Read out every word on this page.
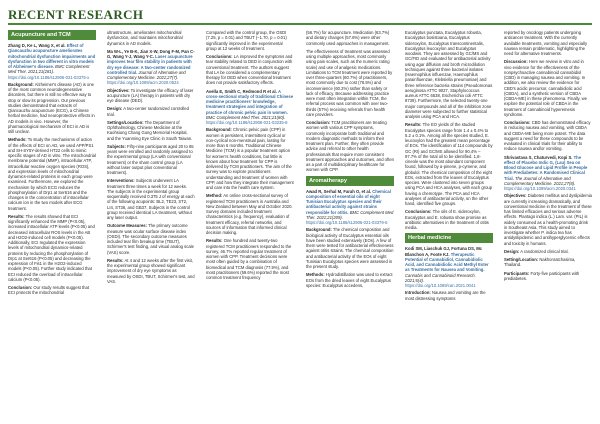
RECENT RESEARCH
Acupuncture and TCM
Zhang D, Ke L, Wang X, et al. Effect of Qiancauzhu acupuncture ameliorates mitochondrial dysfunction impairments and dysfunction in two different in vitro models of Alzheimer's disease. BMC Complement Med Ther. 2021;21(281). https://doi.org/10.1186/s12906-021-03375-x

Background: Alzheimer's disease (AD) is one of the most common neurodegenerative disorders, but there is still no effective way to stop or slow its progression. Our previous studies demonstrated that extracts of Qiancauzhu acupuncture (ECG), a Chinese herbal medicine, had neuroprotective effects in AD models in vivo. However, the pharmacological mechanism of ECI in AD is still unclear.

Methods: To study the mechanisms of action of the effects of ECI on AD, we used APP/PS1 and SH-SY5Y-derived HT22 cells to mimic specific stages of AD in vitro. The mitochondrial membrane potential (MMP), intracellular ATP, intracellular reactive oxygen species (ROS), and expression levels of mitochondrial dynamics-related proteins in each group were examined. Furthermore, we explored the mechanism by which ECG reduces the phosphorylation of Drp1 at Ser616 and the changes in the concentration of intracellular calcium ion in the two models after ECG treatment.

Results: The results showed that ECI significantly enhanced the MMP (P<0.05), increased intracellular ATP levels (P<0.05) and decreased intracellular ROS levels in the AB and H2O2-induced cell models (P<0.05). Additionally, ECI regulated the expression levels of mitochondrial dynamics-related proteins by reducing the phosphorylation of Drp1 at Ser616 (P<0.05) and decreasing the expression of Fis1 in the H2O2-induced models (P<0.05). Further study indicated that ECI reduced the overload of intracellular calcium (P<0.05).

Conclusion: Our study results suggest that ECI protects the mitochondrial

ultrastructure, ameliorates mitochondrial dysfunction, and maintains mitochondrial dynamics in AD models.

Ma W-L, Ye B-K, Jian X-W, Dong F-M, Pan C-G, Wang Y-J, Wang Y-C. Laser acupuncture improves tear film stability in patients with dry eye disease: A two-center randomized controlled trial. Journal of Alternative and Complementary Medicine. 2021;27(7). https://doi.org/10.1089/acm.2020.0524

Objectives: To investigate the efficacy of laser acupuncture (LA) therapy in patients with dry eye disease (DED).

Design: A two-center randomized controlled trial.

Settings/Location: The Department of Ophthalmology, Chinese Medicine at the Kaohsiung Chang Gung Memorial Hospital, and the Yuanming Eye Clinic in South Taiwan.

Subjects: Fifty-nine participants aged 20 to 65 years were enrolled and randomly assigned to the experimental group (LA with conventional treatment) or the sham control group (LA without laser output plus conventional treatment).

Interventions: Subjects underwent LA treatment three times a week for 12 weeks. The subjects in the experimental group sequentially received 0.375 J of energy at each of the following acupoints: BL2, TE23, ST2, LI4, ST36, and GB37. Subjects in the control group received identical LA treatment, without any laser output.

Outcome Measures: The primary outcome measure was ocular surface disease index (OSDI). The secondary outcome measures included tear film breakup time (TBUT), Schirmer's test finding, and visual analog scale (VAS) score.

Results: At 4 and 12 weeks after the first visit, the experimental group showed significant improvement of dry eye symptoms as measured by OSDI, TBUT, Schirmer's test, and VAS.

Compared with the control group, the OSDI (7.25, p = 0.01) and TBUT (−1.70, p = 0.01) significantly improved in the experimental group at 12 weeks of treatment.

Conclusions: LA improved the symptoms and tear stability related to DED in conjunction with conventional treatment. The authors suggest that LA be considered a complementary therapy for DED when conventional treatment does not provide satisfactory effects.

Avella E, Smith C, Redmond R et al. A cross-sectional study of traditional Chinese medicine practitioners' knowledge, treatment strategies and integration of practice of chronic pelvic pain in women. BMC Complement Med Ther. 2021;21(80). https://doi.org/10.1186/s12906-021-03235-8

Background: Chronic pelvic pain (CPP) in women is persistent, intermittent cyclical or non-cyclical non-menstrual pain, lasting for more than 6 months. Traditional Chinese Medicine (TCM) is a popular treatment option for women's health conditions, but little is known about how treatment for CPP is delivered by TCM practitioners. The aim of the survey was to explore practitioners understanding and treatment of women with CPP, and how they integrate their management and care into the health care system.

Method: An online cross-sectional survey of registered TCM practitioners in Australia and New Zealand between May and October 2020. Survey domains included treatment characteristics (e.g. frequency), evaluation of treatment efficacy, referral networks, and sources of information that informed clinical decision making.

Results: One hundred and twenty-two registered TCM practitioners responded to the survey, 46.7% reported regular treatment of women with CPP. Treatment decisions were most often guided by a combination of biomedical and TCM diagnosis (77.9%), and most practitioners (59.6%) reported the most common treatment frequency

(56.7%) for acupuncture. Medication (63.7%) and dietary changes (57.6%) were other commonly used approaches in management.

The effectiveness of treatment was assessed using multiple approaches, most commonly using pain scales, such as the numeric rating scale) and use of analgesic medications. Limitations to TCM treatment were reported by over three-quarters (60.7%) of practitioners, most commonly due to cost (76.5%) and inconvenience (60.2%) rather than safety or lack of efficacy. Because addressing practice were most often integration within TCM, the referral process was common with over two-thirds (57%) receiving referrals from health care providers.

Conclusion: TCM practitioners are treating women with various CPP symptoms, commonly incorporate both traditional and modern diagnostic methods to inform their treatment plan. Further, they often provide advice and referral to other health professionals that require more consistent treatment approaches and outcomes, and often as a part of multidisciplinary healthcare for women with CPP.

Aromatherapy
Awad R, Serhal M, Farah O, et al. Chemical composition of essential oils of eight Tunisian Eucalyptus species and their antibacterial activity against strains responsible for otitis. BMC Complement Med Ther. 2021;21(209). https://doi.org/10.1186/s12906-021-03379-5

Background: The chemical composition and biological activity of Eucalyptus essential oils have been studied extensively (EOs). A few of them were tested for antibacterial effectiveness against otitis strains. The chemical composition and antibacterial activity of the EOs of eight Tunisian Eucalyptus species were assessed in the present study.

Methods: Hydrodistillation was used to extract EOs from the dried leaves of eight Eucalyptus species: Eucalyptus accedens,

Eucalyptus punctata, Eucalyptus robusta, Eucalyptus bosistoana, Eucalyptus sideroxylon, Eucalyptus transcontinentalis, Eucalyptus leucoxylon and Eucalyptus woodwis. They are assessed by GC/MS and GC/FID and evaluated for antibacterial activity using agar diffusion and broth microdilution techniques against three bacterial isolates (Haemophilus influenzae, Haemophilus parainfluenzae, Klebsiella pneumoniae) and three reference bacteria strains (Pseudomonas aeruginosa ATTC 9027, Staphylococcus aureus ATTC 6538, Escherichia coli ATTC 8739). Furthermore, the selected twenty-one major compounds and all of the inhibition zone diameter were subjected to further statistical analysis using PCA and HCA.

Results: The EO yields of the studied Eucalyptus species range from 1.4 ± 0.4% to 5.2 ± 0.1%. Among all the species studied, E. leucoxylon had the greatest mean percentage of EOs. The identification of 114 compounds by GC (RI) and GC/MS allowed for 90.4% – 97.7% of the total oil to be identified. 1,8-cineole was the most abundant component found, followed by α-pinene, p-cymene, and globulol. The chemical composition of the eight EOs, extracted from the leaves of Eucalyptus species. Were clustered into seven groups using PCA and HCA analyses, with each group having a chemotype. The PCA and HCA analyses of antibacterial activity, on the other hand, identified five groups.

Conclusions: The oils of E. sideroxylon, Eucalyptus and E. robusta show promise as antibiotic alternatives in the treatment of otitis media.

Herbal medicine
Kodi SM, Liaschuk GJ, Fortuna DS, Mc Blanchon A, Foote KJ. Therapeutic Potential of Cannabidiol, Cannabidiolic Acid, and Cannabidiolic Acid Methyl Ester as Treatments for Nausea and Vomiting. Cannabis and Cannabinoid Research. 2021;6(4). https://doi.org/10.1089/can.2021.0041

Introduction: Nausea and vomiting are the most distressing symptoms

reported by oncology patients undergoing anticancer treatment. With the currently available treatments, vomiting and especially nausea remain problematic, highlighting the need for alternative treatments.

Discussion: Here we review in vitro and in vivo evidence for the effectiveness of the nonpsychoactive cannabinoid cannabidiol (CBD) in managing nausea and vomiting. In addition, we also review the evidence for CBD's acidic precursor, cannabidiolic acid (CBDA), and a synthetic version of CBDA (CBDA-ME) in these phenomena. Finally, we explore the potential role of CBDA in the treatment of cannabinoid hyperemesis syndrome.

Conclusions: CBD has demonstrated efficacy in reducing nausea and vomiting, with CBDA and CBDA-ME being more potent. The data suggest a need for these compounds to be evaluated in clinical trials for their ability to reduce nausea and/or vomiting.

Shrivastava S, Chaturvedi, Kopi S. The effect of Placebo Indic G, (Lau) Sea on Blood Glucose and Lipid Profile in People with Prediabetes: A Randomised Clinical Trial. The Journal of Alternative and Complementary Medicine. 2021;27(8). https://doi.org/10.1089/acm.2020.0341

Objectives: Diabetes mellitus and dyslipidemia are currently increasing dramatically, and conventional medicine in the treatment of these has limited efficacies and serious adverse effects. Plantago indica (L.) Lam. var. (PIL) is widely consumed as a health-promoting drink in Southeast Asia. This study aimed to investigate whether P. indica tea has antidyslipidemic and antihyperglycemic effects and toxicity in humans.

Design: A randomized clinical trial.

Setting/Location: Nakhonratchasima, Thailand.

Participants: Forty-five participants with prediabetes.
